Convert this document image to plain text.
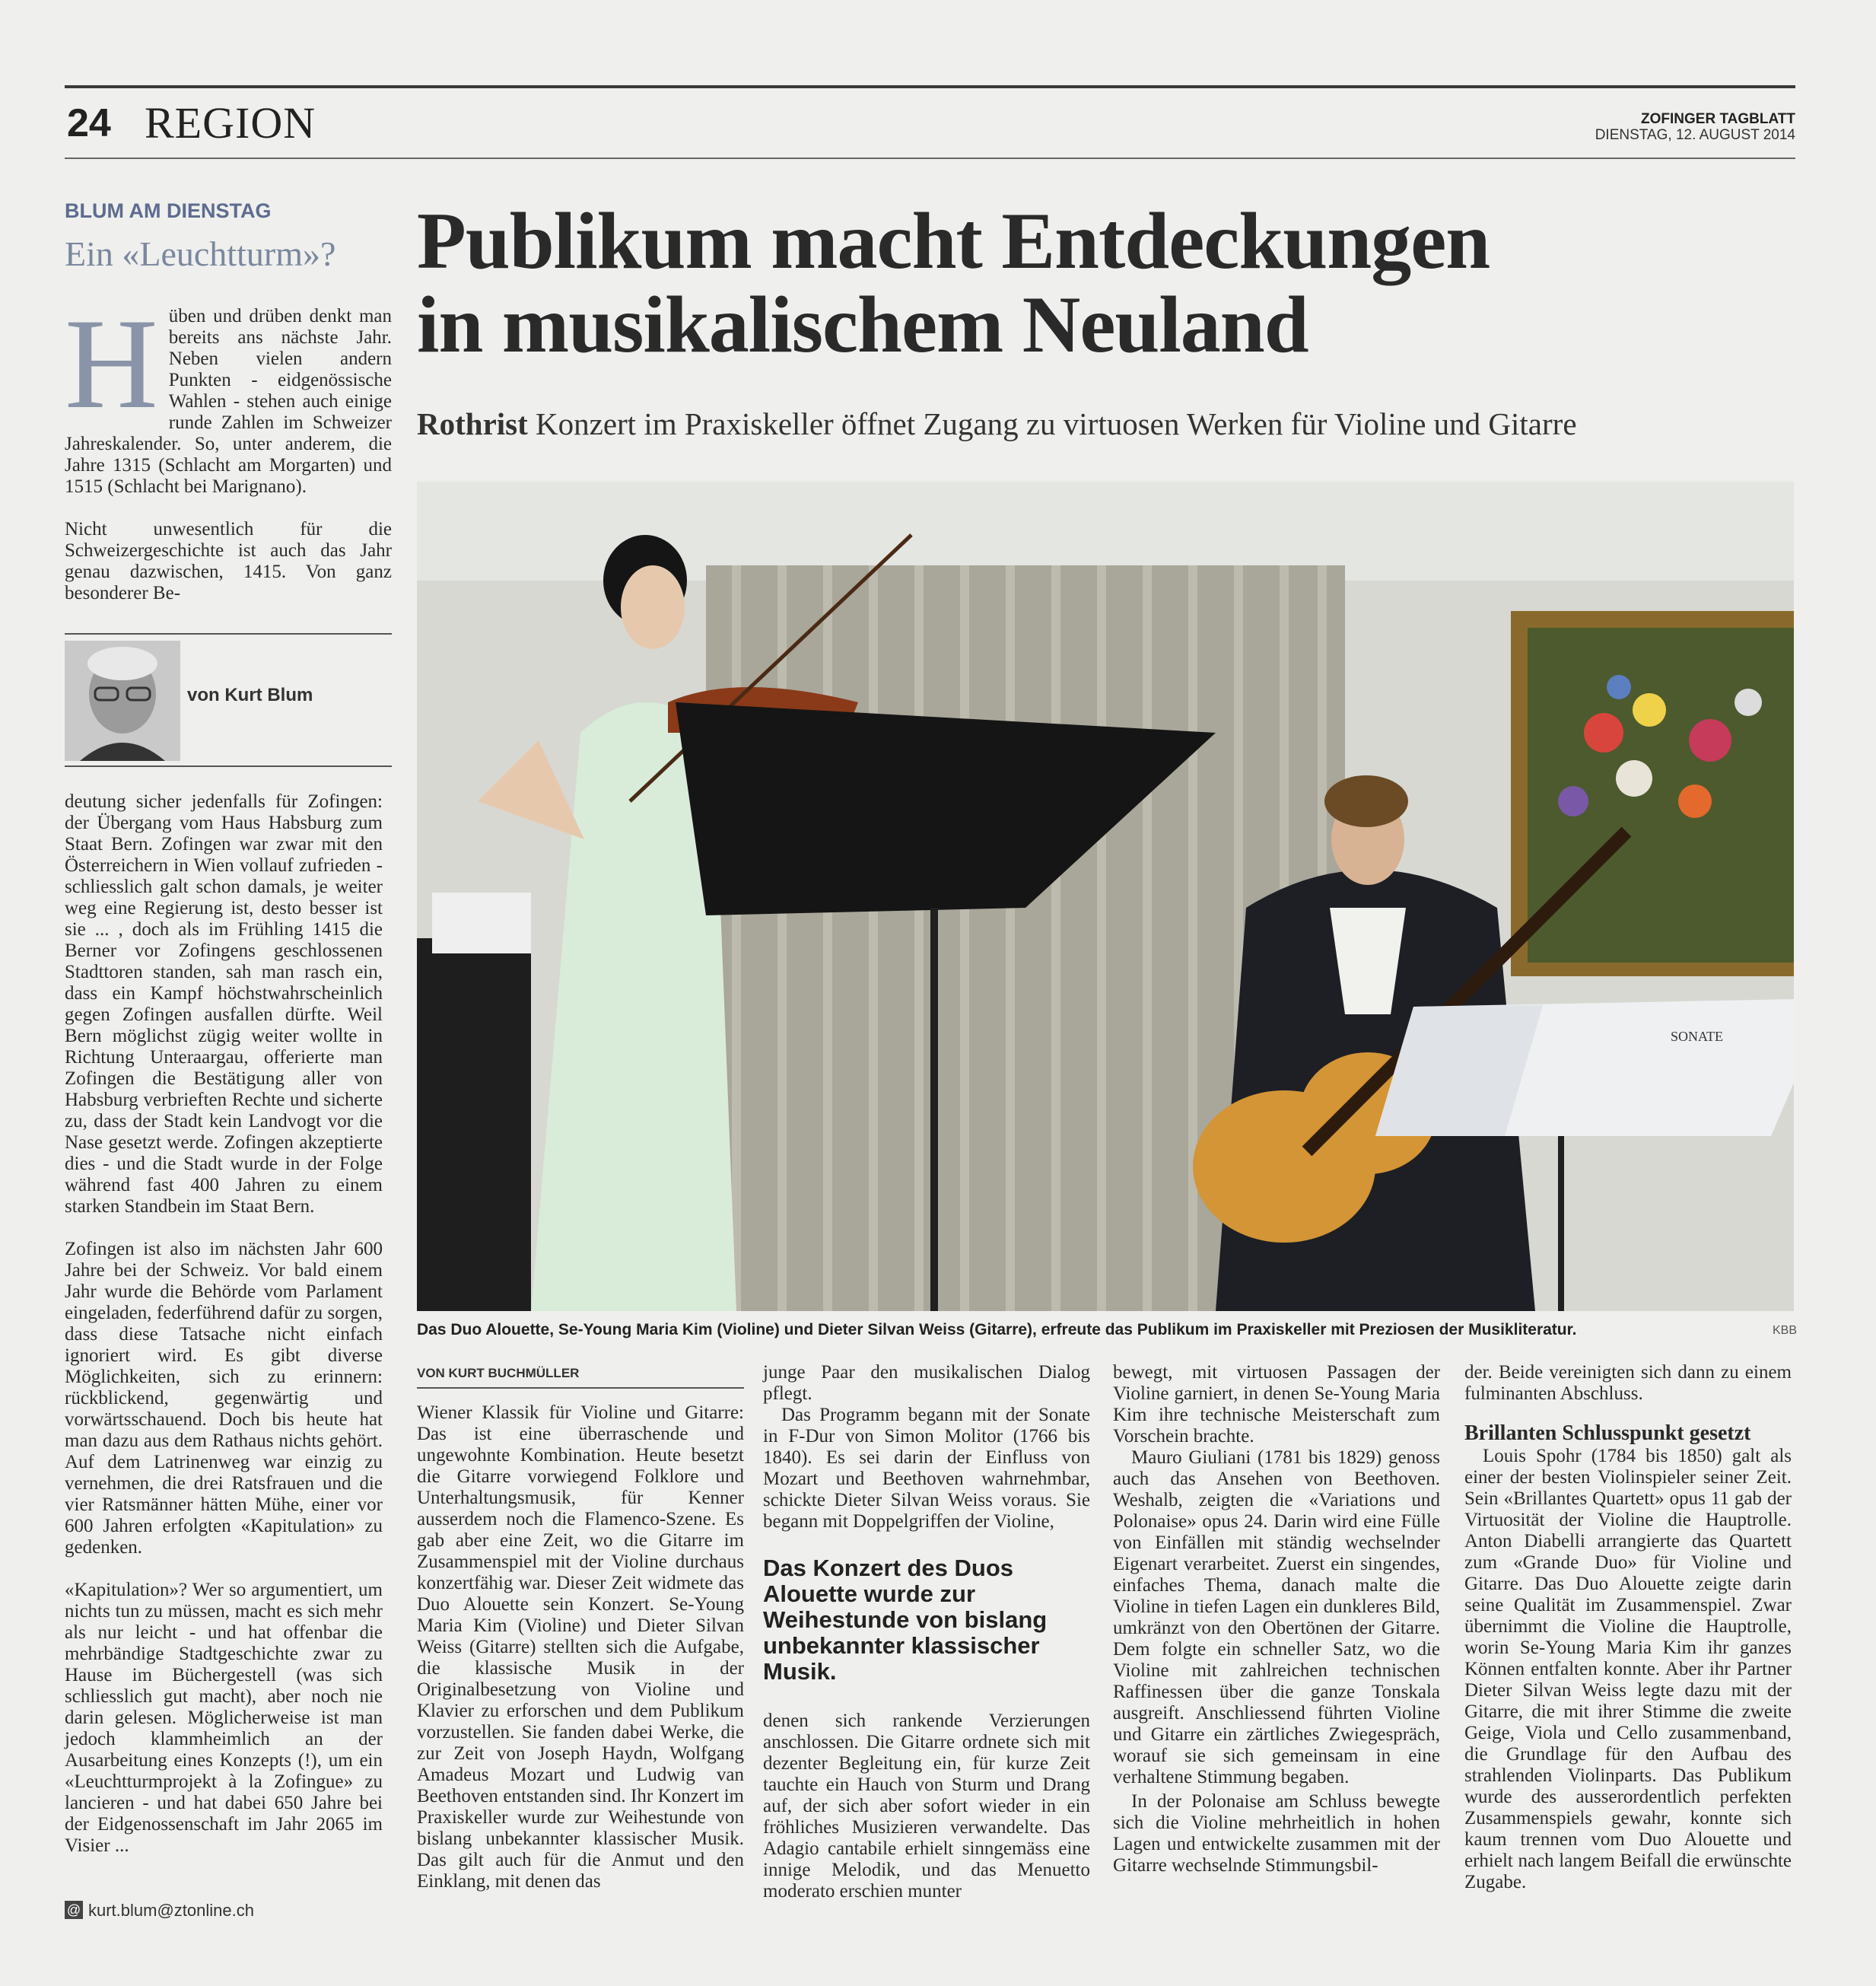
24 REGION	ZOFINGER TAGBLATT
DIENSTAG, 12. AUGUST 2014
BLUM AM DIENSTAG
Ein «Leuchtturm»?
H üben und drüben denkt man bereits ans nächste Jahr. Neben vielen andern Punkten - eidgenössische Wahlen - stehen auch einige runde Zahlen im Schweizer Jahreskalender. So, unter anderem, die Jahre 1315 (Schlacht am Morgarten) und 1515 (Schlacht bei Marignano).

Nicht unwesentlich für die Schweizergeschichte ist auch das Jahr genau dazwischen, 1415. Von ganz besonderer Be-

von Kurt Blum

deutung sicher jedenfalls für Zofingen: der Übergang vom Haus Habsburg zum Staat Bern. Zofingen war zwar mit den Österreichern in Wien vollauf zufrieden - schliesslich galt schon damals, je weiter weg eine Regierung ist, desto besser ist sie ... , doch als im Frühling 1415 die Berner vor Zofingens geschlossenen Stadttoren standen, sah man rasch ein, dass ein Kampf höchstwahrscheinlich gegen Zofingen ausfallen dürfte. Weil Bern möglichst zügig weiter wollte in Richtung Unteraargau, offerierte man Zofingen die Bestätigung aller von Habsburg verbrieften Rechte und sicherte zu, dass der Stadt kein Landvogt vor die Nase gesetzt werde. Zofingen akzeptierte dies - und die Stadt wurde in der Folge während fast 400 Jahren zu einem starken Standbein im Staat Bern.

Zofingen ist also im nächsten Jahr 600 Jahre bei der Schweiz. Vor bald einem Jahr wurde die Behörde vom Parlament eingeladen, federführend dafür zu sorgen, dass diese Tatsache nicht einfach ignoriert wird. Es gibt diverse Möglichkeiten, sich zu erinnern: rückblickend, gegenwärtig und vorwärtsschauend. Doch bis heute hat man dazu aus dem Rathaus nichts gehört. Auf dem Latrinenweg war einzig zu vernehmen, die drei Ratsfrauen und die vier Ratsmänner hätten Mühe, einer vor 600 Jahren erfolgten «Kapitulation» zu gedenken.

«Kapitulation»? Wer so argumentiert, um nichts tun zu müssen, macht es sich mehr als nur leicht - und hat offenbar die mehrbändige Stadtgeschichte zwar zu Hause im Büchergestell (was sich schliesslich gut macht), aber noch nie darin gelesen. Möglicherweise ist man jedoch klammheimlich an der Ausarbeitung eines Konzepts (!), um ein «Leuchtturmprojekt à la Zofingue» zu lancieren - und hat dabei 650 Jahre bei der Eidgenossenschaft im Jahr 2065 im Visier ...

@ kurt.blum@ztonline.ch
Publikum macht Entdeckungen
in musikalischem Neuland
Rothrist Konzert im Praxiskeller öffnet Zugang zu virtuosen Werken für Violine und Gitarre
SONATE
Das Duo Alouette, Se-Young Maria Kim (Violine) und Dieter Silvan Weiss (Gitarre), erfreute das Publikum im Praxiskeller mit Preziosen der Musikliteratur.	KBB
VON KURT BUCHMÜLLER

Wiener Klassik für Violine und Gitarre: Das ist eine überraschende und ungewohnte Kombination. Heute besetzt die Gitarre vorwiegend Folklore und Unterhaltungsmusik, für Kenner ausserdem noch die Flamenco-Szene. Es gab aber eine Zeit, wo die Gitarre im Zusammenspiel mit der Violine durchaus konzertfähig war. Dieser Zeit widmete das Duo Alouette sein Konzert. Se-Young Maria Kim (Violine) und Dieter Silvan Weiss (Gitarre) stellten sich die Aufgabe, die klassische Musik in der Originalbesetzung von Violine und Klavier zu erforschen und dem Publikum vorzustellen. Sie fanden dabei Werke, die zur Zeit von Joseph Haydn, Wolfgang Amadeus Mozart und Ludwig van Beethoven entstanden sind. Ihr Konzert im Praxiskeller wurde zur Weihestunde von bislang unbekannter klassischer Musik. Das gilt auch für die Anmut und den Einklang, mit denen das

junge Paar den musikalischen Dialog pflegt.

Das Programm begann mit der Sonate in F-Dur von Simon Molitor (1766 bis 1840). Es sei darin der Einfluss von Mozart und Beethoven wahrnehmbar, schickte Dieter Silvan Weiss voraus. Sie begann mit Doppelgriffen der Violine,

Das Konzert des Duos Alouette wurde zur Weihestunde von bislang unbekannter klassischer Musik.

denen sich rankende Verzierungen anschlossen. Die Gitarre ordnete sich mit dezenter Begleitung ein, für kurze Zeit tauchte ein Hauch von Sturm und Drang auf, der sich aber sofort wieder in ein fröhliches Musizieren verwandelte. Das Adagio cantabile erhielt sinngemäss eine innige Melodik, und das Menuetto moderato erschien munter

bewegt, mit virtuosen Passagen der Violine garniert, in denen Se-Young Maria Kim ihre technische Meisterschaft zum Vorschein brachte.

Mauro Giuliani (1781 bis 1829) genoss auch das Ansehen von Beethoven. Weshalb, zeigten die «Variations und Polonaise» opus 24. Darin wird eine Fülle von Einfällen mit ständig wechselnder Eigenart verarbeitet. Zuerst ein singendes, einfaches Thema, danach malte die Violine in tiefen Lagen ein dunkleres Bild, umkränzt von den Obertönen der Gitarre. Dem folgte ein schneller Satz, wo die Violine mit zahlreichen technischen Raffinessen über die ganze Tonskala ausgreift. Anschliessend führten Violine und Gitarre ein zärtliches Zwiegespräch, worauf sie sich gemeinsam in eine verhaltene Stimmung begaben.

In der Polonaise am Schluss bewegte sich die Violine mehrheitlich in hohen Lagen und entwickelte zusammen mit der Gitarre wechselnde Stimmungsbil-

der. Beide vereinigten sich dann zu einem fulminanten Abschluss.

Brillanten Schlusspunkt gesetzt

Louis Spohr (1784 bis 1850) galt als einer der besten Violinspieler seiner Zeit. Sein «Brillantes Quartett» opus 11 gab der Virtuosität der Violine die Hauptrolle. Anton Diabelli arrangierte das Quartett zum «Grande Duo» für Violine und Gitarre. Das Duo Alouette zeigte darin seine Qualität im Zusammenspiel. Zwar übernimmt die Violine die Hauptrolle, worin Se-Young Maria Kim ihr ganzes Können entfalten konnte. Aber ihr Partner Dieter Silvan Weiss legte dazu mit der Gitarre, die mit ihrer Stimme die zweite Geige, Viola und Cello zusammenband, die Grundlage für den Aufbau des strahlenden Violinparts. Das Publikum wurde des ausserordentlich perfekten Zusammenspiels gewahr, konnte sich kaum trennen vom Duo Alouette und erhielt nach langem Beifall die erwünschte Zugabe.
